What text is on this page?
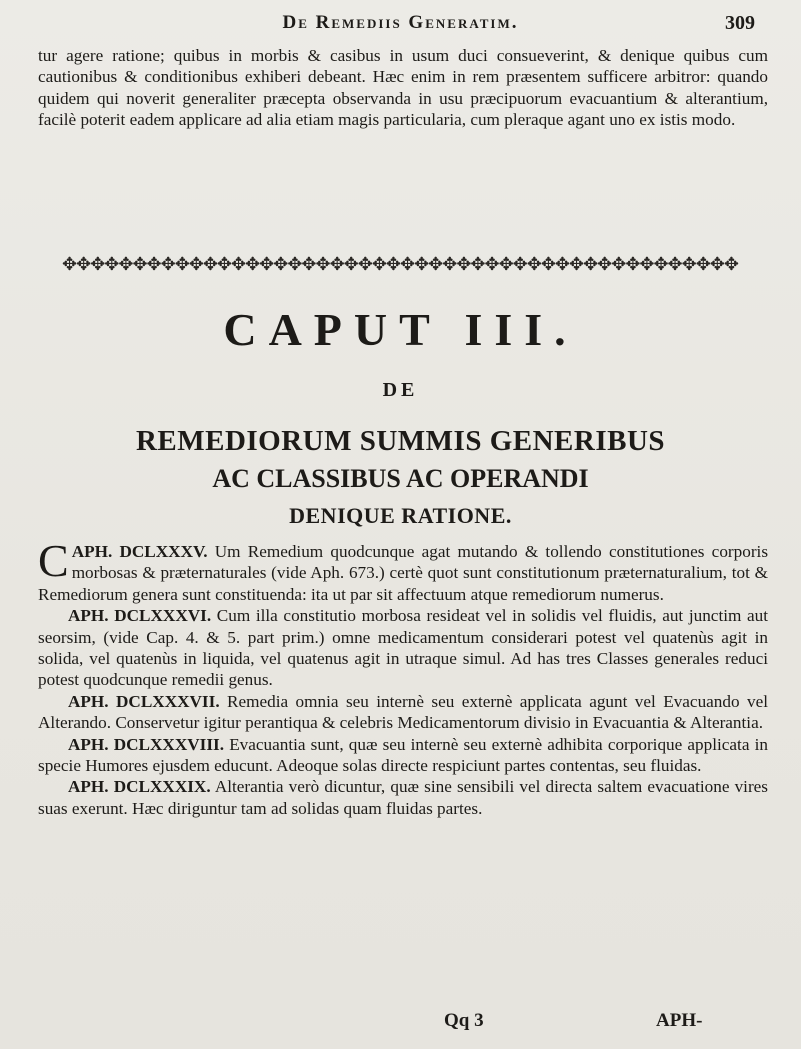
De Remediis Generatim.	309

tur agere ratione; quibus in morbis & casibus in usum duci consueverint, & denique quibus cum cautionibus & conditionibus exhiberi debeant. Hæc enim in rem præsentem sufficere arbitror: quando quidem qui noverit generaliter præcepta observanda in usu præcipuorum evacuantium & alterantium, facilè poterit eadem applicare ad alia etiam magis particularia, cum pleraque agant uno ex istis modo.

✥✥✥✥✥✥✥✥✥✥✥✥✥✥✥✥✥✥✥✥✥✥✥✥✥✥✥✥✥✥✥✥✥✥✥✥✥✥✥✥✥✥✥✥✥✥✥✥
CAPUT III.
DE
REMEDIORUM SUMMIS GENERIBUS
AC CLASSIBUS AC OPERANDI
DENIQUE RATIONE.

APH. DCLXXXV.
C	Um Remedium quodcunque agat mutando & tollendo constitutiones corporis morbosas & præternaturales (vide Aph. 673.) certè quot sunt constitutionum præternaturalium, tot & Remediorum genera sunt constituenda: ita ut par sit affectuum atque remediorum numerus.

APH. DCLXXXVI. Cum illa constitutio morbosa resideat vel in solidis vel fluidis, aut junctim aut seorsim, (vide Cap. 4. & 5. part prim.) omne medicamentum considerari potest vel quatenùs agit in solida, vel quatenùs in liquida, vel quatenus agit in utraque simul. Ad has tres Classes generales reduci potest quodcunque remedii genus.

APH. DCLXXXVII. Remedia omnia seu internè seu externè applicata agunt vel Evacuando vel Alterando. Conservetur igitur perantiqua & celebris Medicamentorum divisio in Evacuantia & Alterantia.

APH. DCLXXXVIII. Evacuantia sunt, quæ seu internè seu externè adhibita corporique applicata in specie Humores ejusdem educunt. Adeoque solas directe respiciunt partes contentas, seu fluidas.

APH. DCLXXXIX. Alterantia verò dicuntur, quæ sine sensibili vel directa saltem evacuatione vires suas exerunt. Hæc diriguntur tam ad solidas quam fluidas partes.

Qq 3	APH-
